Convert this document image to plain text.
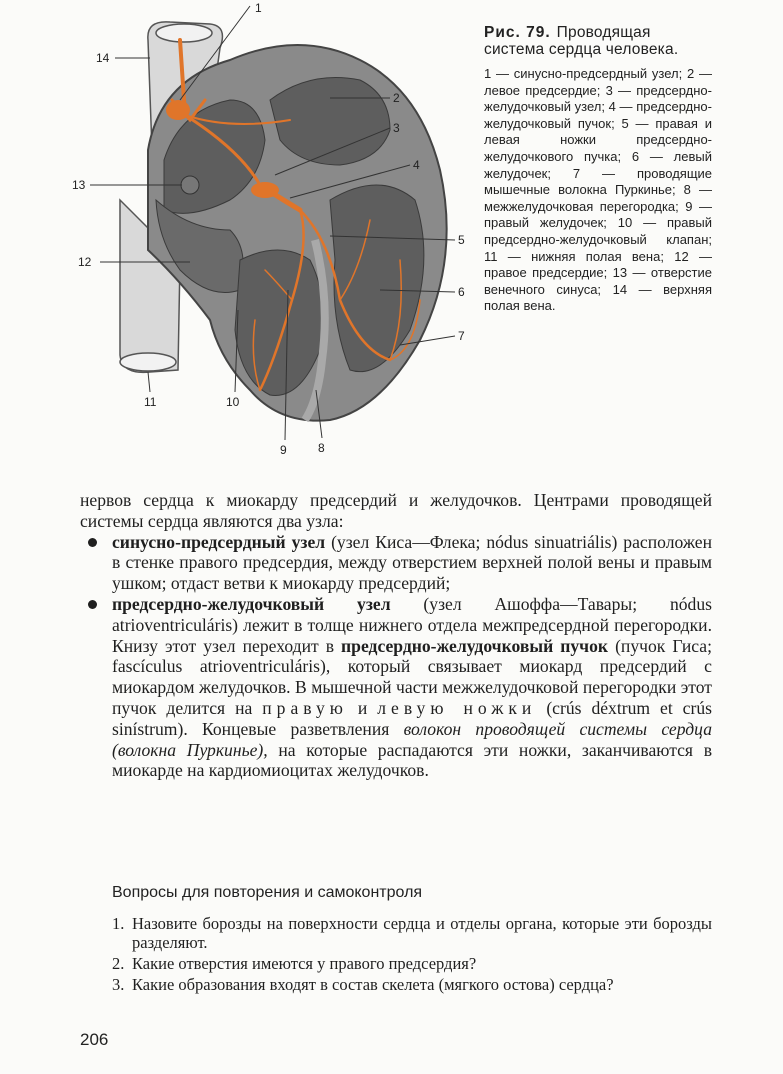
1
2
3
4
5
6
7
8
9
10
11
12
13
14

Рис. 79. Проводящая система сердца человека.

1 — синусно-предсердный узел; 2 — левое предсердие; 3 — предсердно-желудочковый узел; 4 — предсердно-желудочковый пучок; 5 — правая и левая ножки предсердно-желудочкового пучка; 6 — левый желудочек; 7 — проводящие мышечные волокна Пуркинье; 8 — межжелудочковая перегородка; 9 — правый желудочек; 10 — правый предсердно-желудочковый клапан; 11 — нижняя полая вена; 12 — правое предсердие; 13 — отверстие венечного синуса; 14 — верхняя полая вена.

нервов сердца к миокарду предсердий и желудочков. Центрами проводящей системы сердца являются два узла:

синусно-предсердный узел (узел Киса—Флека; nódus sinuatriális) расположен в стенке правого предсердия, между отверстием верхней полой вены и правым ушком; отдаст ветви к миокарду предсердий;
предсердно-желудочковый узел (узел Ашоффа—Тавары; nódus atrioventriculáris) лежит в толще нижнего отдела межпредсердной перегородки. Книзу этот узел переходит в предсердно-желудочковый пучок (пучок Гиса; fascículus atrioventriculáris), который связывает миокард предсердий с миокардом желудочков. В мышечной части межжелудочковой перегородки этот пучок делится на правую и левую ножки (crús déxtrum et crús sinístrum). Концевые разветвления волокон проводящей системы сердца (волокна Пуркинье), на которые распадаются эти ножки, заканчиваются в миокарде на кардиомиоцитах желудочков.

Вопросы для повторения и самоконтроля

1. Назовите борозды на поверхности сердца и отделы органа, которые эти борозды разделяют.
2. Какие отверстия имеются у правого предсердия?
3. Какие образования входят в состав скелета (мягкого остова) сердца?
206
